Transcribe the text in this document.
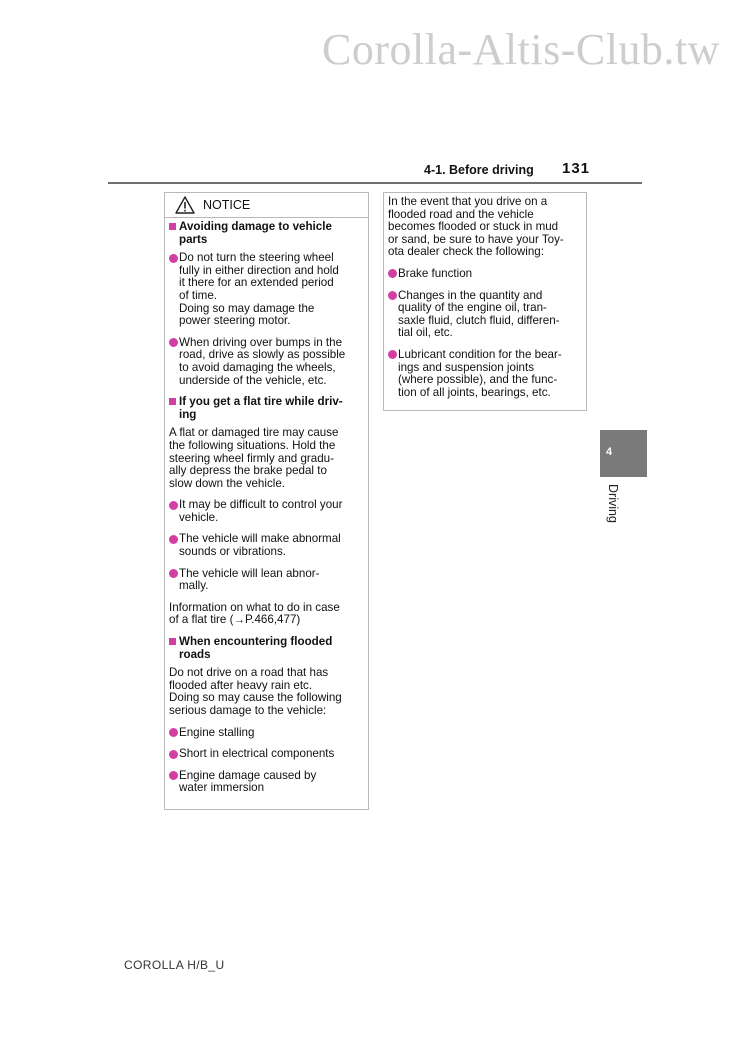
Corolla-Altis-Club.tw
4-1. Before driving 131
NOTICE

Avoiding damage to vehicle
parts

Do not turn the steering wheel
fully in either direction and hold
it there for an extended period
of time.
Doing so may damage the
power steering motor.

When driving over bumps in the
road, drive as slowly as possible
to avoid damaging the wheels,
underside of the vehicle, etc.

If you get a flat tire while driv-
ing

A flat or damaged tire may cause
the following situations. Hold the
steering wheel firmly and gradu-
ally depress the brake pedal to
slow down the vehicle.

It may be difficult to control your
vehicle.

The vehicle will make abnormal
sounds or vibrations.

The vehicle will lean abnor-
mally.

Information on what to do in case
of a flat tire (→P.466,477)

When encountering flooded
roads

Do not drive on a road that has
flooded after heavy rain etc.
Doing so may cause the following
serious damage to the vehicle:

Engine stalling

Short in electrical components

Engine damage caused by
water immersion

In the event that you drive on a
flooded road and the vehicle
becomes flooded or stuck in mud
or sand, be sure to have your Toy-
ota dealer check the following:

Brake function

Changes in the quantity and
quality of the engine oil, tran-
saxle fluid, clutch fluid, differen-
tial oil, etc.

Lubricant condition for the bear-
ings and suspension joints
(where possible), and the func-
tion of all joints, bearings, etc.

4
Driving
COROLLA H/B_U
